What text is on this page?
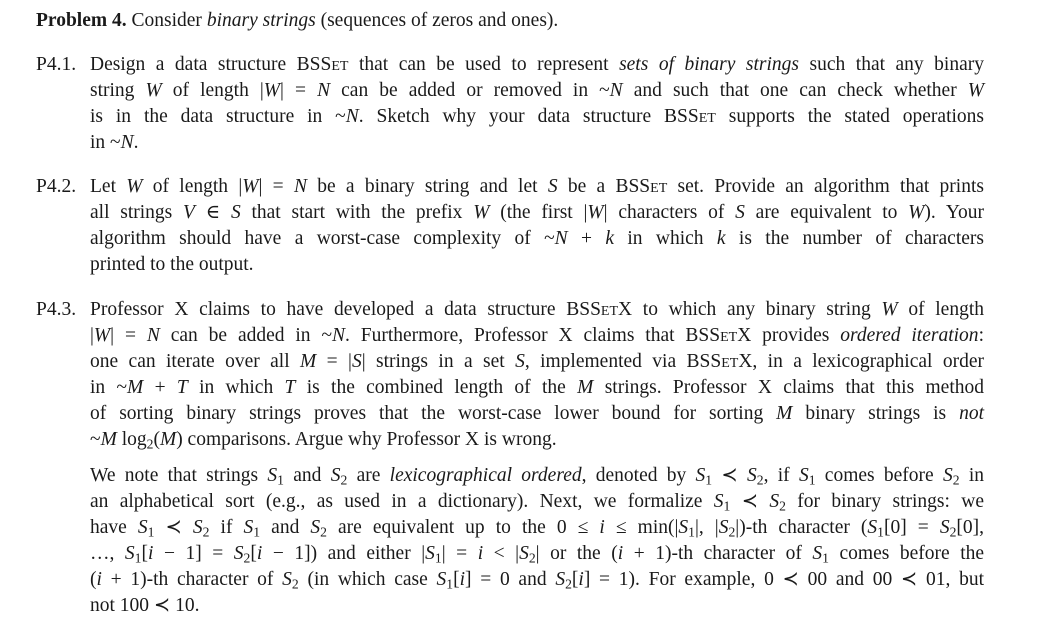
Problem 4. Consider binary strings (sequences of zeros and ones).
P4.1. Design a data structure BSSet that can be used to represent sets of binary strings such that any binary
string W of length |W| = N can be added or removed in ~N and such that one can check whether W
is in the data structure in ~N. Sketch why your data structure BSSet supports the stated operations
in ~N.
P4.2. Let W of length |W| = N be a binary string and let S be a BSSet set. Provide an algorithm that prints
all strings V ∈ S that start with the prefix W (the first |W| characters of S are equivalent to W). Your
algorithm should have a worst-case complexity of ~N + k in which k is the number of characters
printed to the output.
P4.3. Professor X claims to have developed a data structure BSSetX to which any binary string W of length
|W| = N can be added in ~N. Furthermore, Professor X claims that BSSetX provides ordered iteration:
one can iterate over all M = |S| strings in a set S, implemented via BSSetX, in a lexicographical order
in ~M + T in which T is the combined length of the M strings. Professor X claims that this method
of sorting binary strings proves that the worst-case lower bound for sorting M binary strings is not
~M $\log_2(M)$ comparisons. Argue why Professor X is wrong.
We note that strings $S_1$ and $S_2$ are lexicographical ordered, denoted by $S_1$ ≺ $S_2$, if $S_1$ comes before $S_2$ in
an alphabetical sort (e.g., as used in a dictionary). Next, we formalize $S_1$ ≺ $S_2$ for binary strings: we
have $S_1$ ≺ $S_2$ if $S_1$ and $S_2$ are equivalent up to the $0 \le i \le \min(|S_1|$, $|S_2|)-th$ character ($S_1[0] = S_2[0]$,
…, $S_1[i - 1] = S_2[i - 1]$) and either $|S_1| = i < |S_2|$ or the (i + 1)-th character of $S_1$ comes before the
(i + 1)-th character of $S_2$ (in which case $S_1[i] = 0$ and $S_2[i] = 1$). For example, 0 ≺ 00 and 00 ≺ 01, but
not 100 ≺ 10.
